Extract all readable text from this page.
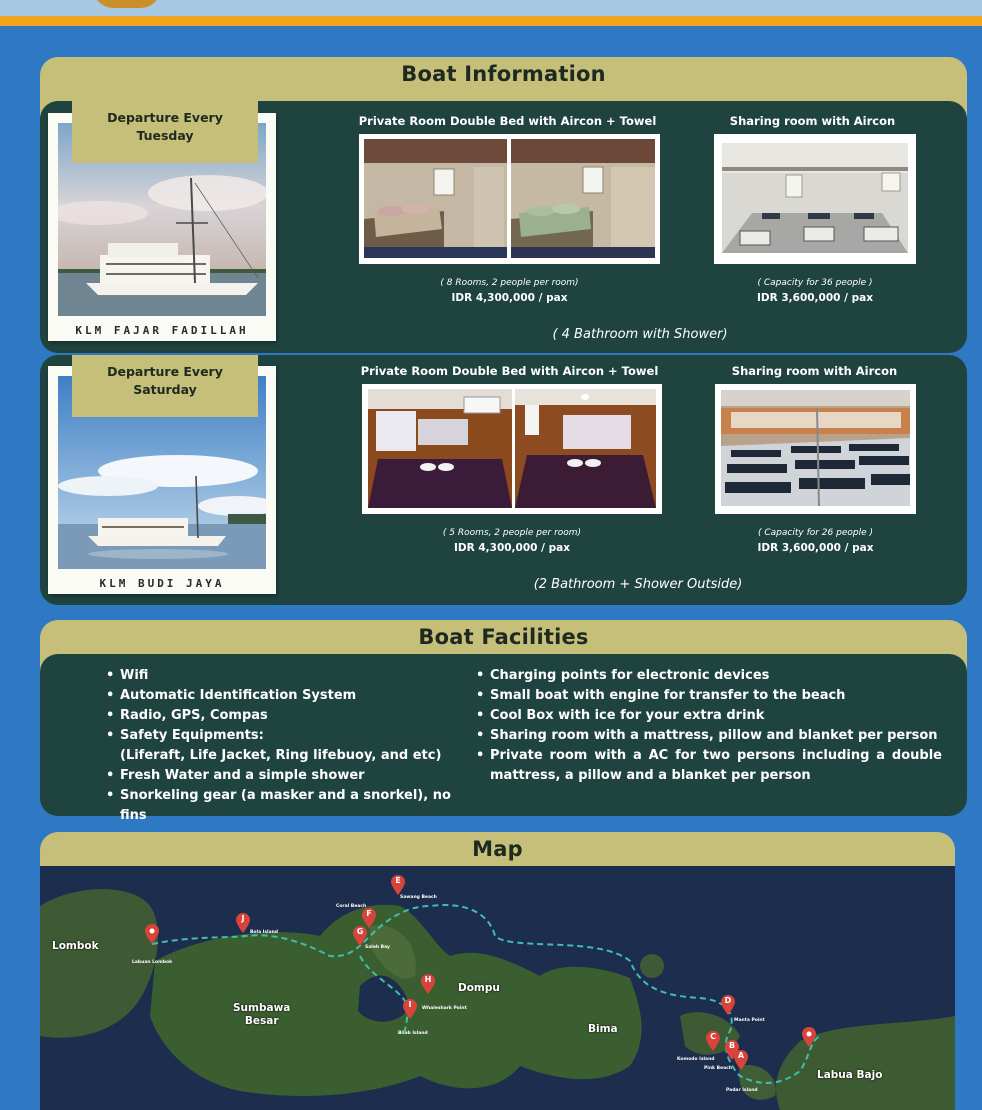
Boat Information
KLM FAJAR FADILLAH
Departure Every
Tuesday
Private Room Double Bed with Aircon + Towel
( 8 Rooms, 2 people per room)
IDR 4,300,000 / pax
Sharing room with Aircon
( Capacity for 36 people )
IDR 3,600,000 / pax
( 4 Bathroom with Shower)
KLM BUDI JAYA
Departure Every
Saturday
Private Room Double Bed with Aircon + Towel
( 5 Rooms, 2 people per room)
IDR 4,300,000 / pax
Sharing room with Aircon
( Capacity for 26 people )
IDR 3,600,000 / pax
(2 Bathroom + Shower Outside)
Boat Facilities
• Wifi
• Automatic Identification System
• Radio, GPS, Compas
• Safety Equipments:
(Liferaft, Life Jacket, Ring lifebuoy, and etc)
• Fresh Water and a simple shower
• Snorkeling gear (a masker and a snorkel), no fins
• Charging points for electronic devices
• Small boat with engine for transfer to the beach
• Cool Box with ice for your extra drink
• Sharing room with a mattress, pillow and blanket per person
• Private room with a AC for two persons including a double
mattress, a pillow and a blanket per person
Map
Lombok
Sumbawa
Besar
Dompu
Bima
Labua Bajo
Labuan Lombok
J
Bola Island
E
Sawang Beach
F
Coral Beach
G
Saleh Bay
H
Whaleshark Point
I
Bilab Island
D
Manta Point
C
Komodo Island
B
Pink Beach
A
Padar Island
